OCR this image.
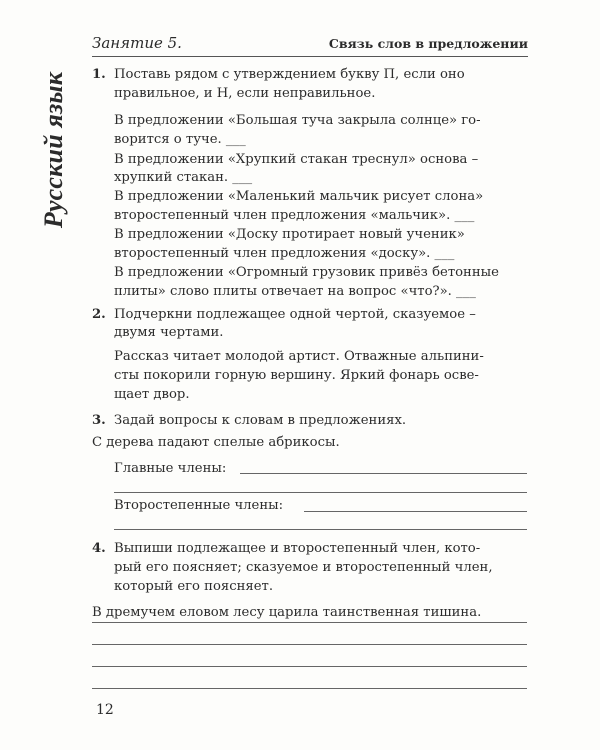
Занятие 5.	Связь слов в предложении
Русский язык	1. Поставь рядом с утверждением букву П, если оно
правильное, и Н, если неправильное.
В предложении «Большая туча закрыла солнце» го-
ворится о туче. ___
В предложении «Хрупкий стакан треснул» основа –
хрупкий стакан. ___
В предложении «Маленький мальчик рисует слона»
второстепенный член предложения «мальчик». ___
В предложении «Доску протирает новый ученик»
второстепенный член предложения «доску». ___
В предложении «Огромный грузовик привёз бетонные
плиты» слово плиты отвечает на вопрос «что?». ___
2. Подчеркни подлежащее одной чертой, сказуемое –
двумя чертами.
Рассказ читает молодой артист. Отважные альпини-
сты покорили горную вершину. Яркий фонарь осве-
щает двор.
3. Задай вопросы к словам в предложениях.
С дерева падают спелые абрикосы.
Главные члены:
Второстепенные члены:
4. Выпиши подлежащее и второстепенный член, кото-
рый его поясняет; сказуемое и второстепенный член,
который его поясняет.
В дремучем еловом лесу царила таинственная тишина.
12
